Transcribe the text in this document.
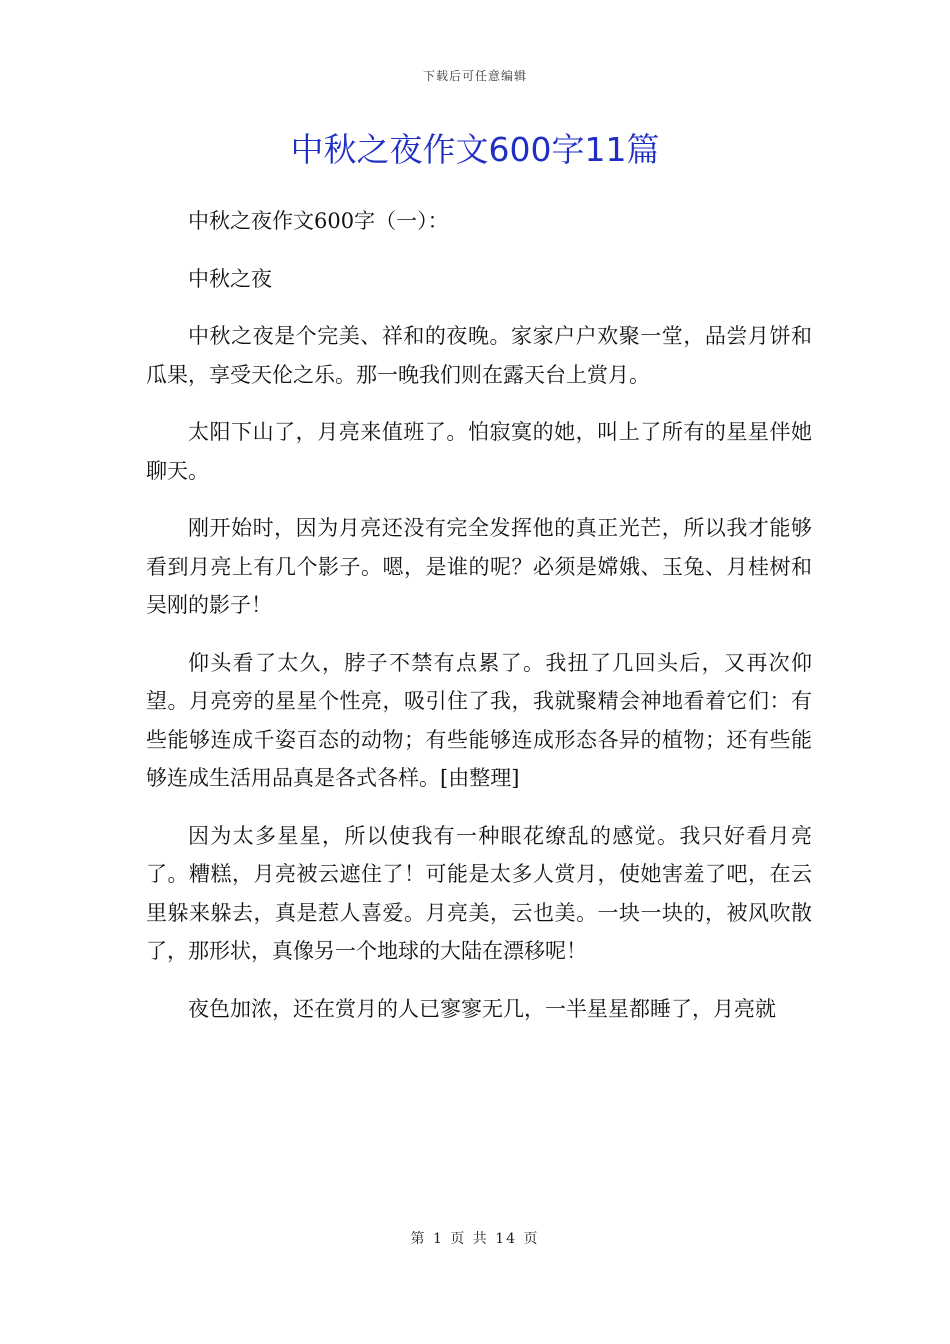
下载后可任意编辑
中秋之夜作文600字11篇

中秋之夜作文600字（一）：

中秋之夜

中秋之夜是个完美、祥和的夜晚。家家户户欢聚一堂，品尝月饼和瓜果，享受天伦之乐。那一晚我们则在露天台上赏月。

太阳下山了，月亮来值班了。怕寂寞的她，叫上了所有的星星伴她聊天。

刚开始时，因为月亮还没有完全发挥他的真正光芒，所以我才能够看到月亮上有几个影子。嗯，是谁的呢？必须是嫦娥、玉兔、月桂树和吴刚的影子！

仰头看了太久，脖子不禁有点累了。我扭了几回头后，又再次仰望。月亮旁的星星个性亮，吸引住了我，我就聚精会神地看着它们：有些能够连成千姿百态的动物；有些能够连成形态各异的植物；还有些能够连成生活用品真是各式各样。[由整理]

因为太多星星，所以使我有一种眼花缭乱的感觉。我只好看月亮了。糟糕，月亮被云遮住了！可能是太多人赏月，使她害羞了吧，在云里躲来躲去，真是惹人喜爱。月亮美，云也美。一块一块的，被风吹散了，那形状，真像另一个地球的大陆在漂移呢！

夜色加浓，还在赏月的人已寥寥无几，一半星星都睡了，月亮就

第 1 页 共 14 页
